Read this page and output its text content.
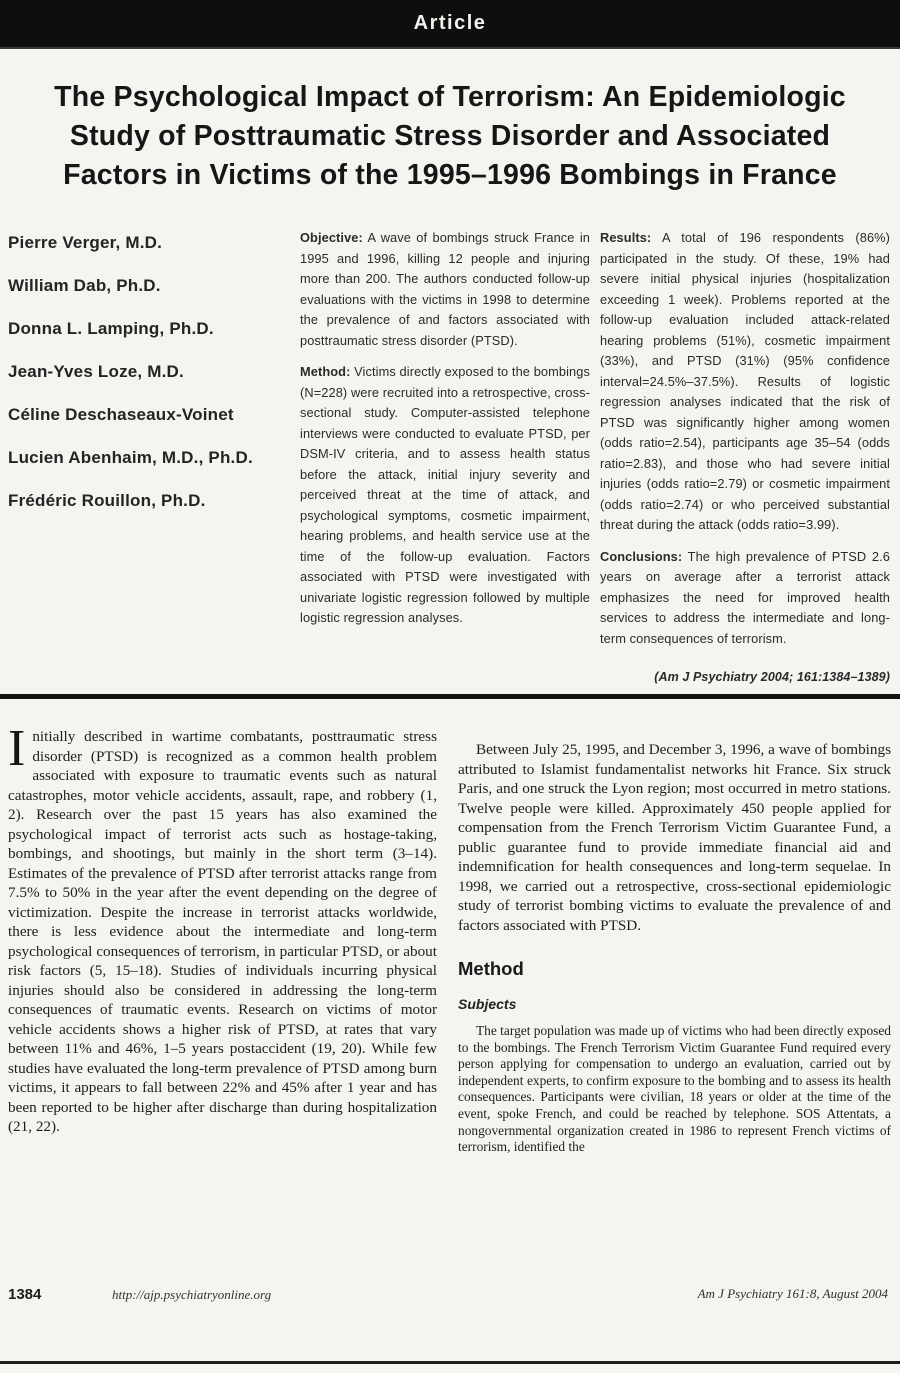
Article
The Psychological Impact of Terrorism: An Epidemiologic
Study of Posttraumatic Stress Disorder and Associated
Factors in Victims of the 1995–1996 Bombings in France
Pierre Verger, M.D.
William Dab, Ph.D.
Donna L. Lamping, Ph.D.
Jean-Yves Loze, M.D.
Céline Deschaseaux-Voinet
Lucien Abenhaim, M.D., Ph.D.
Frédéric Rouillon, Ph.D.

Objective: A wave of bombings struck France in 1995 and 1996, killing 12 people and injuring more than 200. The authors conducted follow-up evaluations with the victims in 1998 to determine the prevalence of and factors associated with posttraumatic stress disorder (PTSD).

Method: Victims directly exposed to the bombings (N=228) were recruited into a retrospective, cross-sectional study. Computer-assisted telephone interviews were conducted to evaluate PTSD, per DSM-IV criteria, and to assess health status before the attack, initial injury severity and perceived threat at the time of attack, and psychological symptoms, cosmetic impairment, hearing problems, and health service use at the time of the follow-up evaluation. Factors associated with PTSD were investigated with univariate logistic regression followed by multiple logistic regression analyses.

Results: A total of 196 respondents (86%) participated in the study. Of these, 19% had severe initial physical injuries (hospitalization exceeding 1 week). Problems reported at the follow-up evaluation included attack-related hearing problems (51%), cosmetic impairment (33%), and PTSD (31%) (95% confidence interval=24.5%–37.5%). Results of logistic regression analyses indicated that the risk of PTSD was significantly higher among women (odds ratio=2.54), participants age 35–54 (odds ratio=2.83), and those who had severe initial injuries (odds ratio=2.79) or cosmetic impairment (odds ratio=2.74) or who perceived substantial threat during the attack (odds ratio=3.99).

Conclusions: The high prevalence of PTSD 2.6 years on average after a terrorist attack emphasizes the need for improved health services to address the intermediate and long-term consequences of terrorism.

(Am J Psychiatry 2004; 161:1384–1389)

Initially described in wartime combatants, posttraumatic stress disorder (PTSD) is recognized as a common health problem associated with exposure to traumatic events such as natural catastrophes, motor vehicle accidents, assault, rape, and robbery (1, 2). Research over the past 15 years has also examined the psychological impact of terrorist acts such as hostage-taking, bombings, and shootings, but mainly in the short term (3–14). Estimates of the prevalence of PTSD after terrorist attacks range from 7.5% to 50% in the year after the event depending on the degree of victimization. Despite the increase in terrorist attacks worldwide, there is less evidence about the intermediate and long-term psychological consequences of terrorism, in particular PTSD, or about risk factors (5, 15–18). Studies of individuals incurring physical injuries should also be considered in addressing the long-term consequences of traumatic events. Research on victims of motor vehicle accidents shows a higher risk of PTSD, at rates that vary between 11% and 46%, 1–5 years postaccident (19, 20). While few studies have evaluated the long-term prevalence of PTSD among burn victims, it appears to fall between 22% and 45% after 1 year and has been reported to be higher after discharge than during hospitalization (21, 22).

Between July 25, 1995, and December 3, 1996, a wave of bombings attributed to Islamist fundamentalist networks hit France. Six struck Paris, and one struck the Lyon region; most occurred in metro stations. Twelve people were killed. Approximately 450 people applied for compensation from the French Terrorism Victim Guarantee Fund, a public guarantee fund to provide immediate financial aid and indemnification for health consequences and long-term sequelae. In 1998, we carried out a retrospective, cross-sectional epidemiologic study of terrorist bombing victims to evaluate the prevalence of and factors associated with PTSD.

Method
Subjects

The target population was made up of victims who had been directly exposed to the bombings. The French Terrorism Victim Guarantee Fund required every person applying for compensation to undergo an evaluation, carried out by independent experts, to confirm exposure to the bombing and to assess its health consequences. Participants were civilian, 18 years or older at the time of the event, spoke French, and could be reached by telephone. SOS Attentats, a nongovernmental organization created in 1986 to represent French victims of terrorism, identified the

1384	http://ajp.psychiatryonline.org	Am J Psychiatry 161:8, August 2004
